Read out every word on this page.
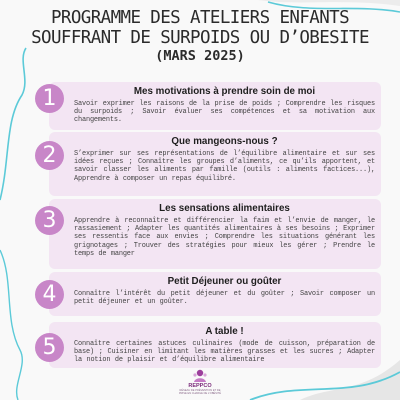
PROGRAMME DES ATELIERS ENFANTS
SOUFFRANT DE SURPOIDS OU D’OBESITE
(MARS 2025)
Mes motivations à prendre soin de moi
Savoir exprimer les raisons de la prise de poids ; Comprendre les risques du surpoids ; Savoir évaluer ses compétences et sa motivation aux changements.
1
Que mangeons-nous ?
S’exprimer sur ses représentations de l’équilibre alimentaire et sur ses idées reçues ; Connaître les groupes d’aliments, ce qu’ils apportent, et savoir classer les aliments par famille (outils : aliments factices...), Apprendre à composer un repas équilibré.
2
Les sensations alimentaires
Apprendre à reconnaître et différencier la faim et l’envie de manger, le rassasiement ; Adapter les quantités alimentaires à ses besoins ; Exprimer ses ressentis face aux envies ; Comprendre les situations générant les grignotages ; Trouver des stratégies pour mieux les gérer ; Prendre le temps de manger
3
Petit Déjeuner ou goûter
Connaître l’intérêt du petit déjeuner et du goûter ; Savoir composer un petit déjeuner et un goûter.
4
A table !
Connaître certaines astuces culinaires (mode de cuisson, préparation de base) ; Cuisiner en limitant les matières grasses et les sucres ; Adapter la notion de plaisir et d’équilibre alimentaire
5
REPPCO
RÉSEAU DE PRÉVENTION ET DE PRISE EN CHARGE DE L’OBÉSITÉ
